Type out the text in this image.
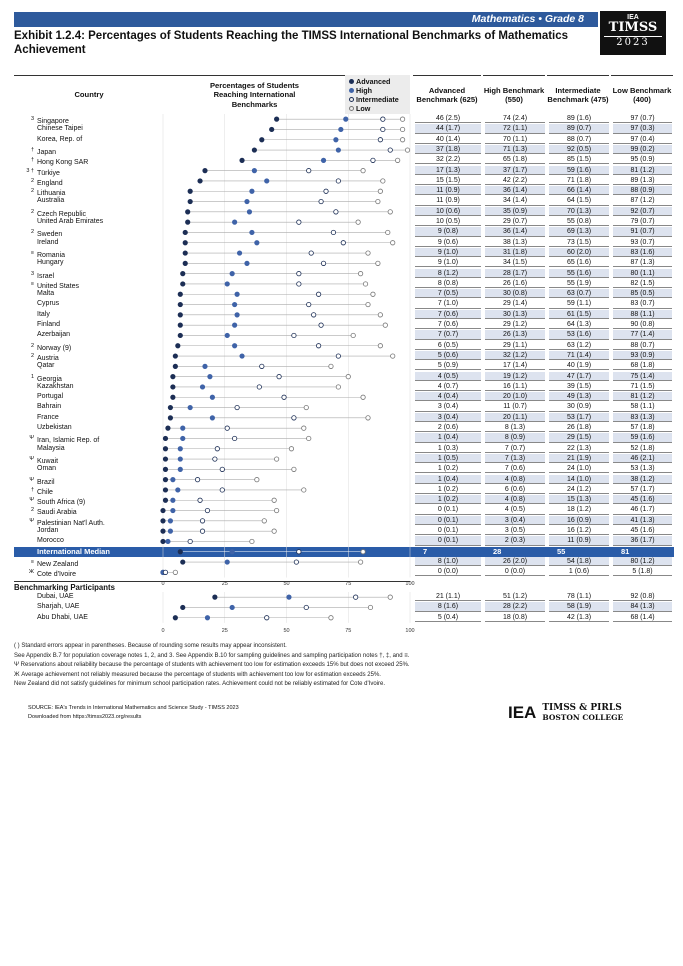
Mathematics • Grade 8	IEA
TIMSS
2023
Exhibit 1.2.4: Percentages of Students Reaching the TIMSS International Benchmarks of Mathematics Achievement
Country
Percentages of Students Reaching International Benchmarks
Advanced
High
Intermediate
Low
Advanced Benchmark (625)
High Benchmark (550)
Intermediate Benchmark (475)
Low Benchmark (400)
3 Singapore	46 (2.5)	74 (2.4)	89 (1.6)	97 (0.7)
Chinese Taipei	44 (1.7)	72 (1.1)	89 (0.7)	97 (0.3)
Korea, Rep. of	40 (1.4)	70 (1.1)	88 (0.7)	97 (0.4)
† Japan	37 (1.8)	71 (1.3)	92 (0.5)	99 (0.2)
† Hong Kong SAR	32 (2.2)	65 (1.8)	85 (1.5)	95 (0.9)
3 † Türkiye	17 (1.3)	37 (1.7)	59 (1.6)	81 (1.2)
2 England	15 (1.5)	42 (2.2)	71 (1.8)	89 (1.3)
2 Lithuania	11 (0.9)	36 (1.4)	66 (1.4)	88 (0.9)
Australia	11 (0.9)	34 (1.4)	64 (1.5)	87 (1.2)
2 Czech Republic	10 (0.6)	35 (0.9)	70 (1.3)	92 (0.7)
United Arab Emirates	10 (0.5)	29 (0.7)	55 (0.8)	79 (0.7)
2 Sweden	9 (0.8)	36 (1.4)	69 (1.3)	91 (0.7)
Ireland	9 (0.6)	38 (1.3)	73 (1.5)	93 (0.7)
≡ Romania	9 (1.0)	31 (1.8)	60 (2.0)	83 (1.6)
Hungary	9 (1.0)	34 (1.5)	65 (1.6)	87 (1.3)
3 Israel	8 (1.2)	28 (1.7)	55 (1.6)	80 (1.1)
≡ United States	8 (0.8)	26 (1.6)	55 (1.9)	82 (1.5)
Malta	7 (0.5)	30 (0.8)	63 (0.7)	85 (0.5)
Cyprus	7 (1.0)	29 (1.4)	59 (1.1)	83 (0.7)
Italy	7 (0.6)	30 (1.3)	61 (1.5)	88 (1.1)
Finland	7 (0.6)	29 (1.2)	64 (1.3)	90 (0.8)
Azerbaijan	7 (0.7)	26 (1.3)	53 (1.6)	77 (1.4)
2 Norway (9)	6 (0.5)	29 (1.1)	63 (1.2)	88 (0.7)
2 Austria	5 (0.6)	32 (1.2)	71 (1.4)	93 (0.9)
Qatar	5 (0.9)	17 (1.4)	40 (1.9)	68 (1.8)
1 Georgia	4 (0.5)	19 (1.2)	47 (1.7)	75 (1.4)
Kazakhstan	4 (0.7)	16 (1.1)	39 (1.5)	71 (1.5)
Portugal	4 (0.4)	20 (1.0)	49 (1.3)	81 (1.2)
Bahrain	3 (0.4)	11 (0.7)	30 (0.9)	58 (1.1)
France	3 (0.4)	20 (1.1)	53 (1.7)	83 (1.3)
Uzbekistan	2 (0.6)	8 (1.3)	26 (1.8)	57 (1.8)
Ψ Iran, Islamic Rep. of	1 (0.4)	8 (0.9)	29 (1.5)	59 (1.6)
Malaysia	1 (0.3)	7 (0.7)	22 (1.3)	52 (1.8)
Ψ Kuwait	1 (0.5)	7 (1.3)	21 (1.9)	46 (2.1)
Oman	1 (0.2)	7 (0.6)	24 (1.0)	53 (1.3)
Ψ Brazil	1 (0.4)	4 (0.8)	14 (1.0)	38 (1.2)
† Chile	1 (0.2)	6 (0.6)	24 (1.2)	57 (1.7)
Ψ South Africa (9)	1 (0.2)	4 (0.8)	15 (1.3)	45 (1.6)
2 Saudi Arabia	0 (0.1)	4 (0.5)	18 (1.2)	46 (1.7)
Ψ Palestinian Nat'l Auth.	0 (0.1)	3 (0.4)	16 (0.9)	41 (1.3)
Jordan	0 (0.1)	3 (0.5)	16 (1.2)	45 (1.6)
Morocco	0 (0.1)	2 (0.3)	11 (0.9)	36 (1.7)
International Median	7	28	55	81
≡ New Zealand	8 (1.0)	26 (2.0)	54 (1.8)	80 (1.2)
Ж Cote d'Ivoire	0 (0.0)	0 (0.0)	1 (0.6)	5 (1.8)
Dubai, UAE	21 (1.1)	51 (1.2)	78 (1.1)	92 (0.8)
Sharjah, UAE	8 (1.6)	28 (2.2)	58 (1.9)	84 (1.3)
Abu Dhabi, UAE	5 (0.4)	18 (0.8)	42 (1.3)	68 (1.4)
Benchmarking Participants	0	25	50	75	100
0	25	50	75	100
( ) Standard errors appear in parentheses. Because of rounding some results may appear inconsistent.
See Appendix B.7 for population coverage notes 1, 2, and 3. See Appendix B.10 for sampling guidelines and sampling participation notes †, ‡, and ≡.
Ψ Reservations about reliability because the percentage of students with achievement too low for estimation exceeds 15% but does not exceed 25%.
Ж Average achievement not reliably measured because the percentage of students with achievement too low for estimation exceeds 25%.
New Zealand did not satisfy guidelines for minimum school participation rates. Achievement could not be reliably estimated for Cote d'Ivoire.
SOURCE: IEA's Trends in International Mathematics and Science Study - TIMSS 2023
Downloaded from https://timss2023.org/results	IEA TIMSS & PIRLS
BOSTON COLLEGE
